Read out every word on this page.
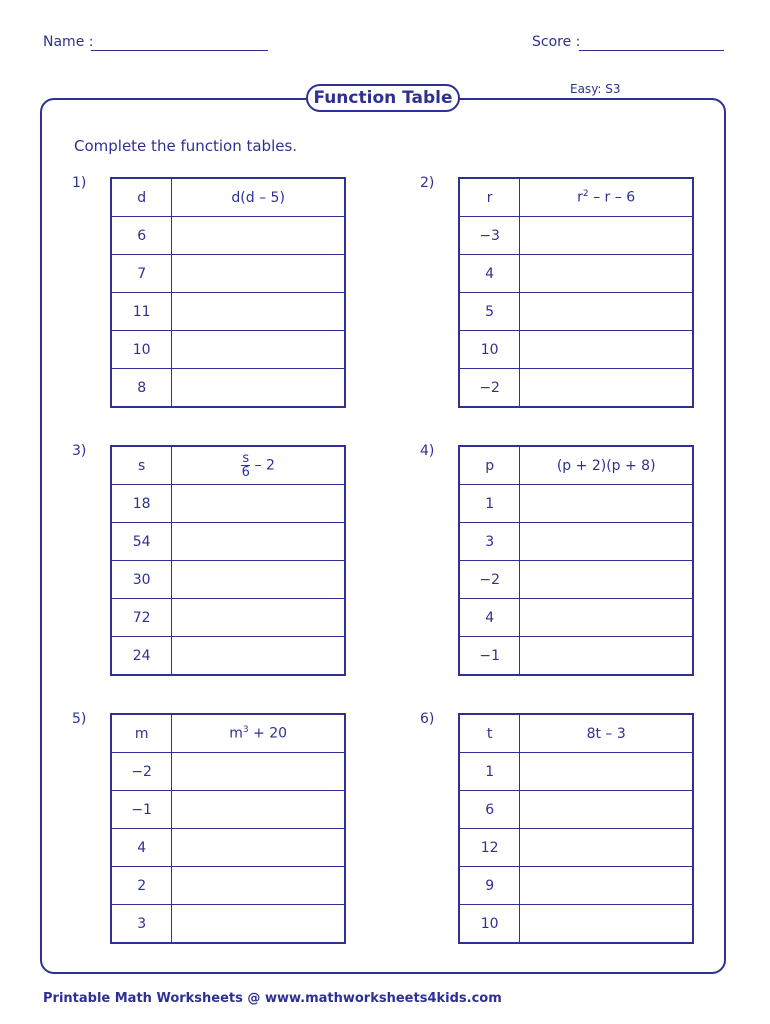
Name :	Score :
Easy: S3
Function Table
Complete the function tables.
1)
d	d(d – 5)
6	
7	
11	
10	
8	
2)
r	$r^2$ – r – 6
−3	
4	
5	
10	
−2	
3)
s	$\frac{s}{6} - 2$
18	
54	
30	
72	
24	
4)
p	(p + 2)(p + 8)
1	
3	
−2	
4	
−1	
5)
m	$m^3 + 20$
−2	
−1	
4	
2	
3	
6)
t	8t – 3
1	
6	
12	
9	
10	
Printable Math Worksheets @ www.mathworksheets4kids.com
